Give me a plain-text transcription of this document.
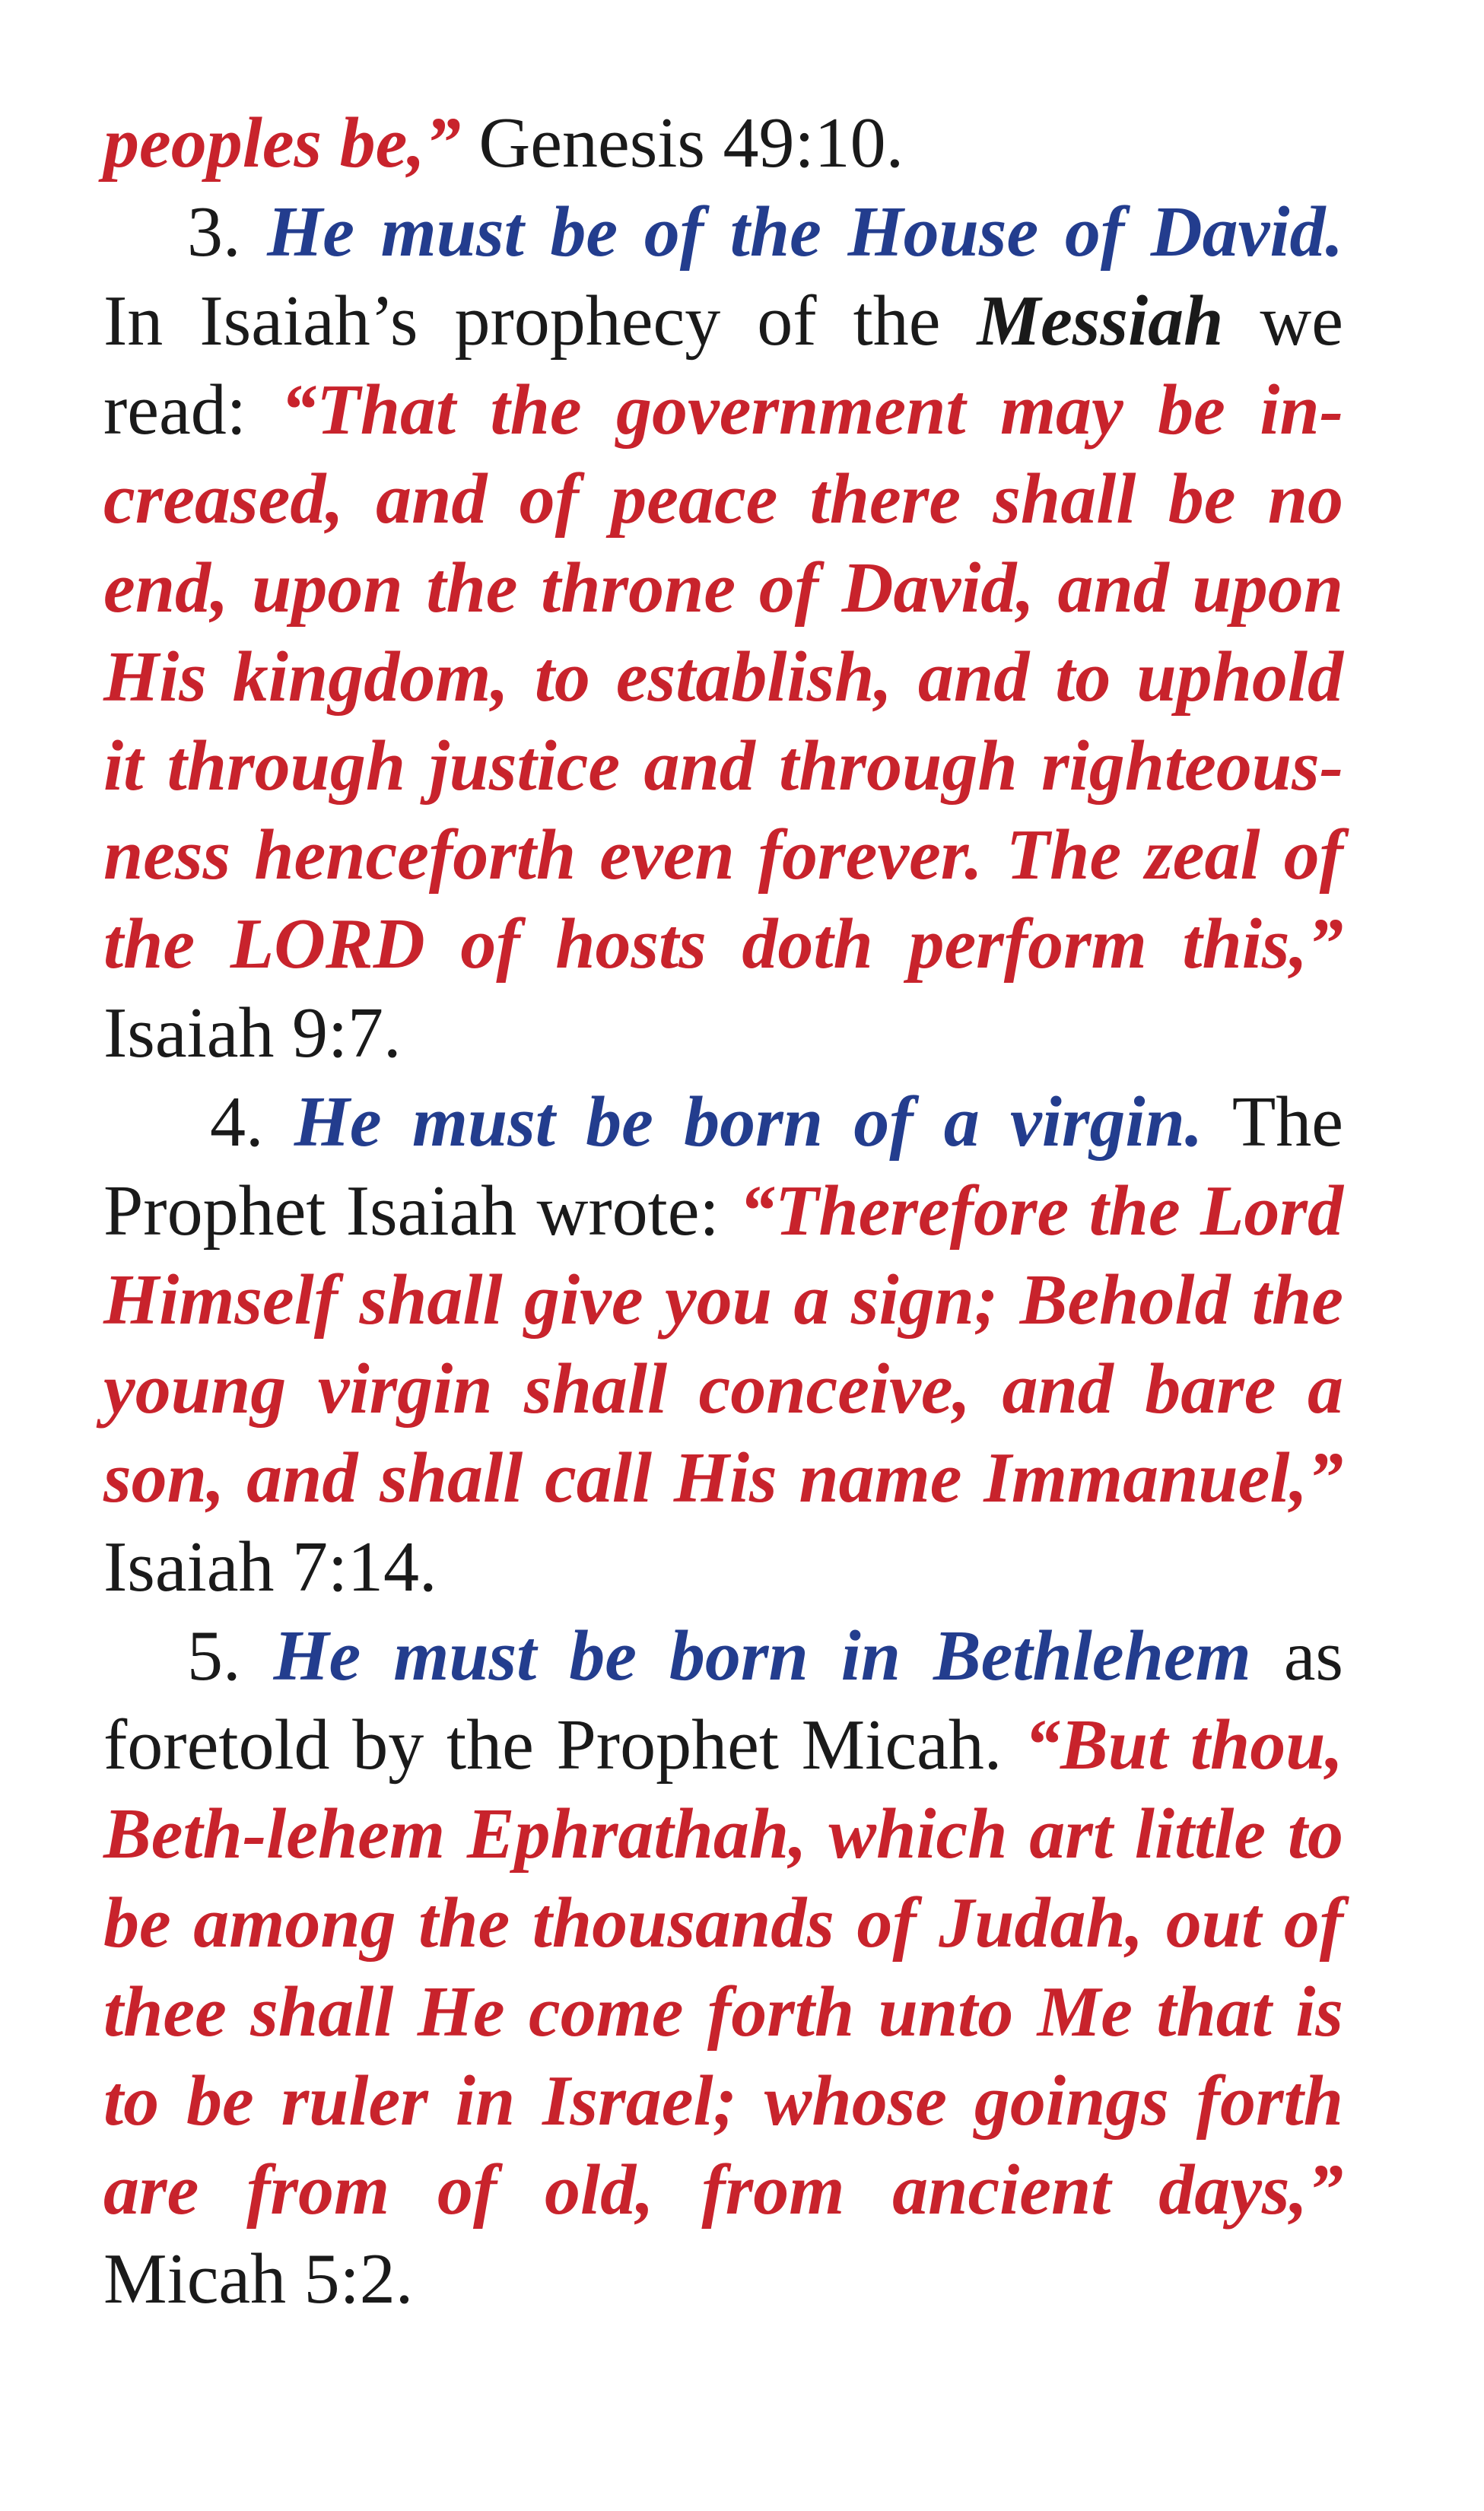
peoples be,” Genesis 49:10.

3. He must be of the House of David. In Isaiah’s prophecy of the Messiah we read: “That the government may be increased, and of peace there shall be no end, upon the throne of David, and upon His kingdom, to establish, and to uphold it through justice and through righteousness henceforth even forever. The zeal of the LORD of hosts doth perform this,” Isaiah 9:7.

4. He must be born of a virgin. The Prophet Isaiah wrote: “Therefore the Lord Himself shall give you a sign; Behold the young virgin shall conceive, and bare a son, and shall call His name Immanuel,” Isaiah 7:14.

5. He must be born in Bethlehem as foretold by the Prophet Micah. “But thou, Beth-lehem Ephrathah, which art little to be among the thousands of Judah, out of thee shall He come forth unto Me that is to be ruler in Israel; whose goings forth are from of old, from ancient days,” Micah 5:2.
